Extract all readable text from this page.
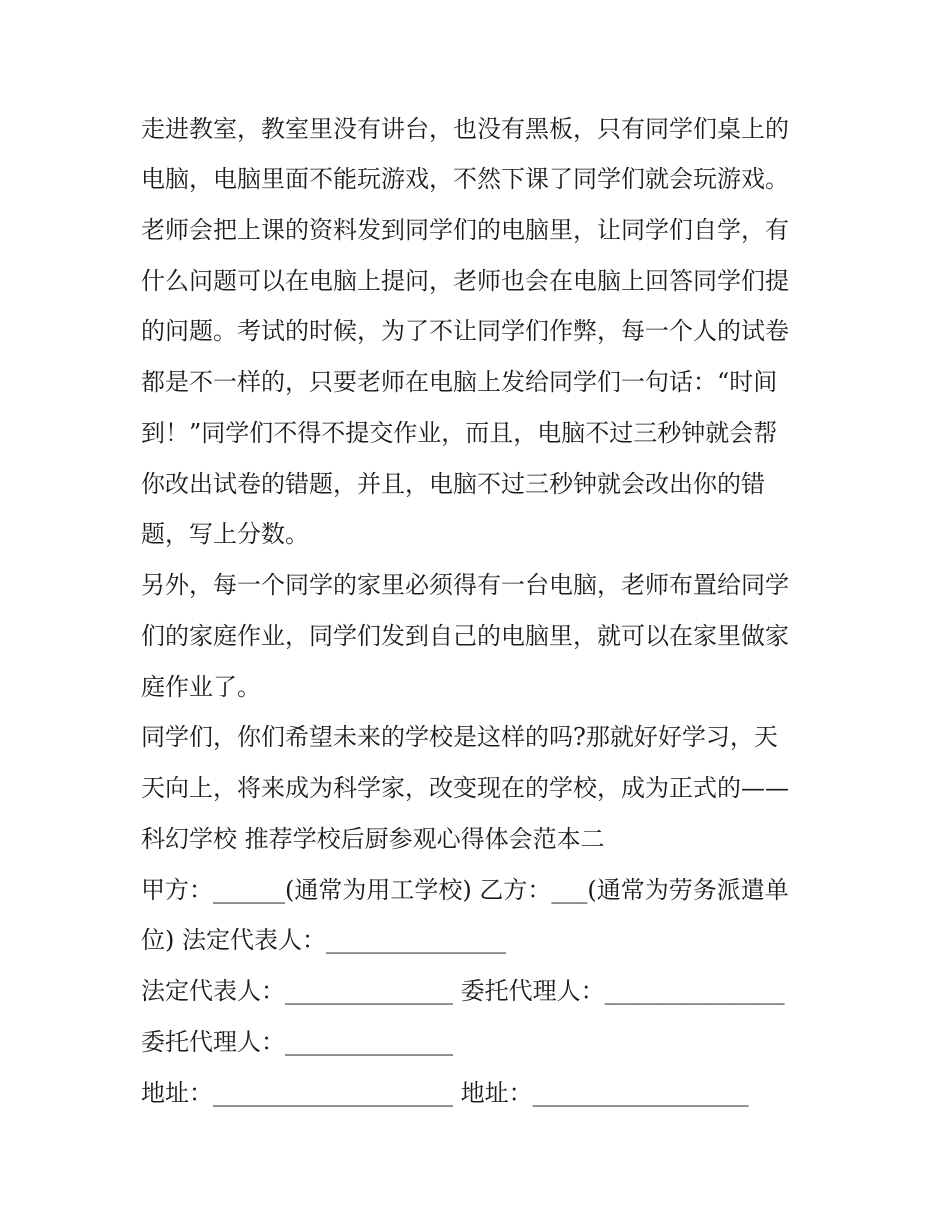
走进教室，教室里没有讲台，也没有黑板，只有同学们桌上的
电脑，电脑里面不能玩游戏，不然下课了同学们就会玩游戏。
老师会把上课的资料发到同学们的电脑里，让同学们自学，有
什么问题可以在电脑上提问，老师也会在电脑上回答同学们提
的问题。考试的时候，为了不让同学们作弊，每一个人的试卷
都是不一样的，只要老师在电脑上发给同学们一句话：“时间
到！”同学们不得不提交作业，而且，电脑不过三秒钟就会帮
你改出试卷的错题，并且，电脑不过三秒钟就会改出你的错
题，写上分数。
另外，每一个同学的家里必须得有一台电脑，老师布置给同学
们的家庭作业，同学们发到自己的电脑里，就可以在家里做家
庭作业了。
同学们，你们希望未来的学校是这样的吗?那就好好学习，天
天向上，将来成为科学家，改变现在的学校，成为正式的——
科幻学校 推荐学校后厨参观心得体会范本二
甲方：______(通常为用工学校) 乙方：___(通常为劳务派遣单
位) 法定代表人：_______________
法定代表人：______________ 委托代理人：_______________
委托代理人：______________
地址：____________________ 地址：__________________
